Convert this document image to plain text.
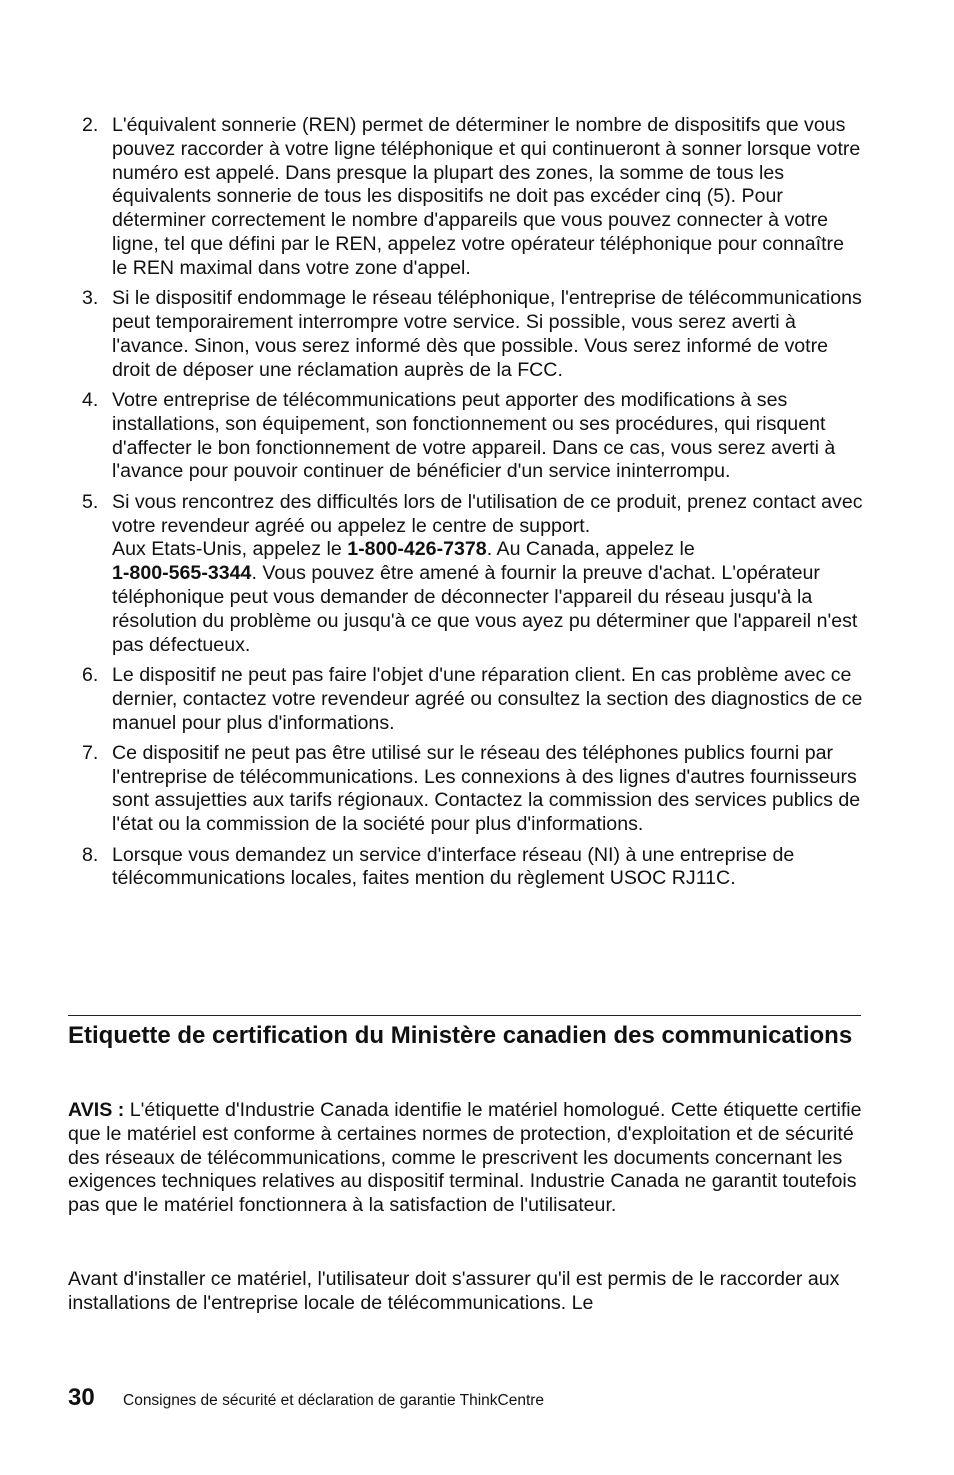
2. L'équivalent sonnerie (REN) permet de déterminer le nombre de dispositifs que vous pouvez raccorder à votre ligne téléphonique et qui continueront à sonner lorsque votre numéro est appelé. Dans presque la plupart des zones, la somme de tous les équivalents sonnerie de tous les dispositifs ne doit pas excéder cinq (5). Pour déterminer correctement le nombre d'appareils que vous pouvez connecter à votre ligne, tel que défini par le REN, appelez votre opérateur téléphonique pour connaître le REN maximal dans votre zone d'appel.
3. Si le dispositif endommage le réseau téléphonique, l'entreprise de télécommunications peut temporairement interrompre votre service. Si possible, vous serez averti à l'avance. Sinon, vous serez informé dès que possible. Vous serez informé de votre droit de déposer une réclamation auprès de la FCC.
4. Votre entreprise de télécommunications peut apporter des modifications à ses installations, son équipement, son fonctionnement ou ses procédures, qui risquent d'affecter le bon fonctionnement de votre appareil. Dans ce cas, vous serez averti à l'avance pour pouvoir continuer de bénéficier d'un service ininterrompu.
5. Si vous rencontrez des difficultés lors de l'utilisation de ce produit, prenez contact avec votre revendeur agréé ou appelez le centre de support.
Aux Etats-Unis, appelez le 1-800-426-7378. Au Canada, appelez le
1-800-565-3344. Vous pouvez être amené à fournir la preuve d'achat. L'opérateur téléphonique peut vous demander de déconnecter l'appareil du réseau jusqu'à la résolution du problème ou jusqu'à ce que vous ayez pu déterminer que l'appareil n'est pas défectueux.
6. Le dispositif ne peut pas faire l'objet d'une réparation client. En cas problème avec ce dernier, contactez votre revendeur agréé ou consultez la section des diagnostics de ce manuel pour plus d'informations.
7. Ce dispositif ne peut pas être utilisé sur le réseau des téléphones publics fourni par l'entreprise de télécommunications. Les connexions à des lignes d'autres fournisseurs sont assujetties aux tarifs régionaux. Contactez la commission des services publics de l'état ou la commission de la société pour plus d'informations.
8. Lorsque vous demandez un service d'interface réseau (NI) à une entreprise de télécommunications locales, faites mention du règlement USOC RJ11C.
Etiquette de certification du Ministère canadien des communications

AVIS : L'étiquette d'Industrie Canada identifie le matériel homologué. Cette étiquette certifie que le matériel est conforme à certaines normes de protection, d'exploitation et de sécurité des réseaux de télécommunications, comme le prescrivent les documents concernant les exigences techniques relatives au dispositif terminal. Industrie Canada ne garantit toutefois pas que le matériel fonctionnera à la satisfaction de l'utilisateur.

Avant d'installer ce matériel, l'utilisateur doit s'assurer qu'il est permis de le raccorder aux installations de l'entreprise locale de télécommunications. Le

30 Consignes de sécurité et déclaration de garantie ThinkCentre
